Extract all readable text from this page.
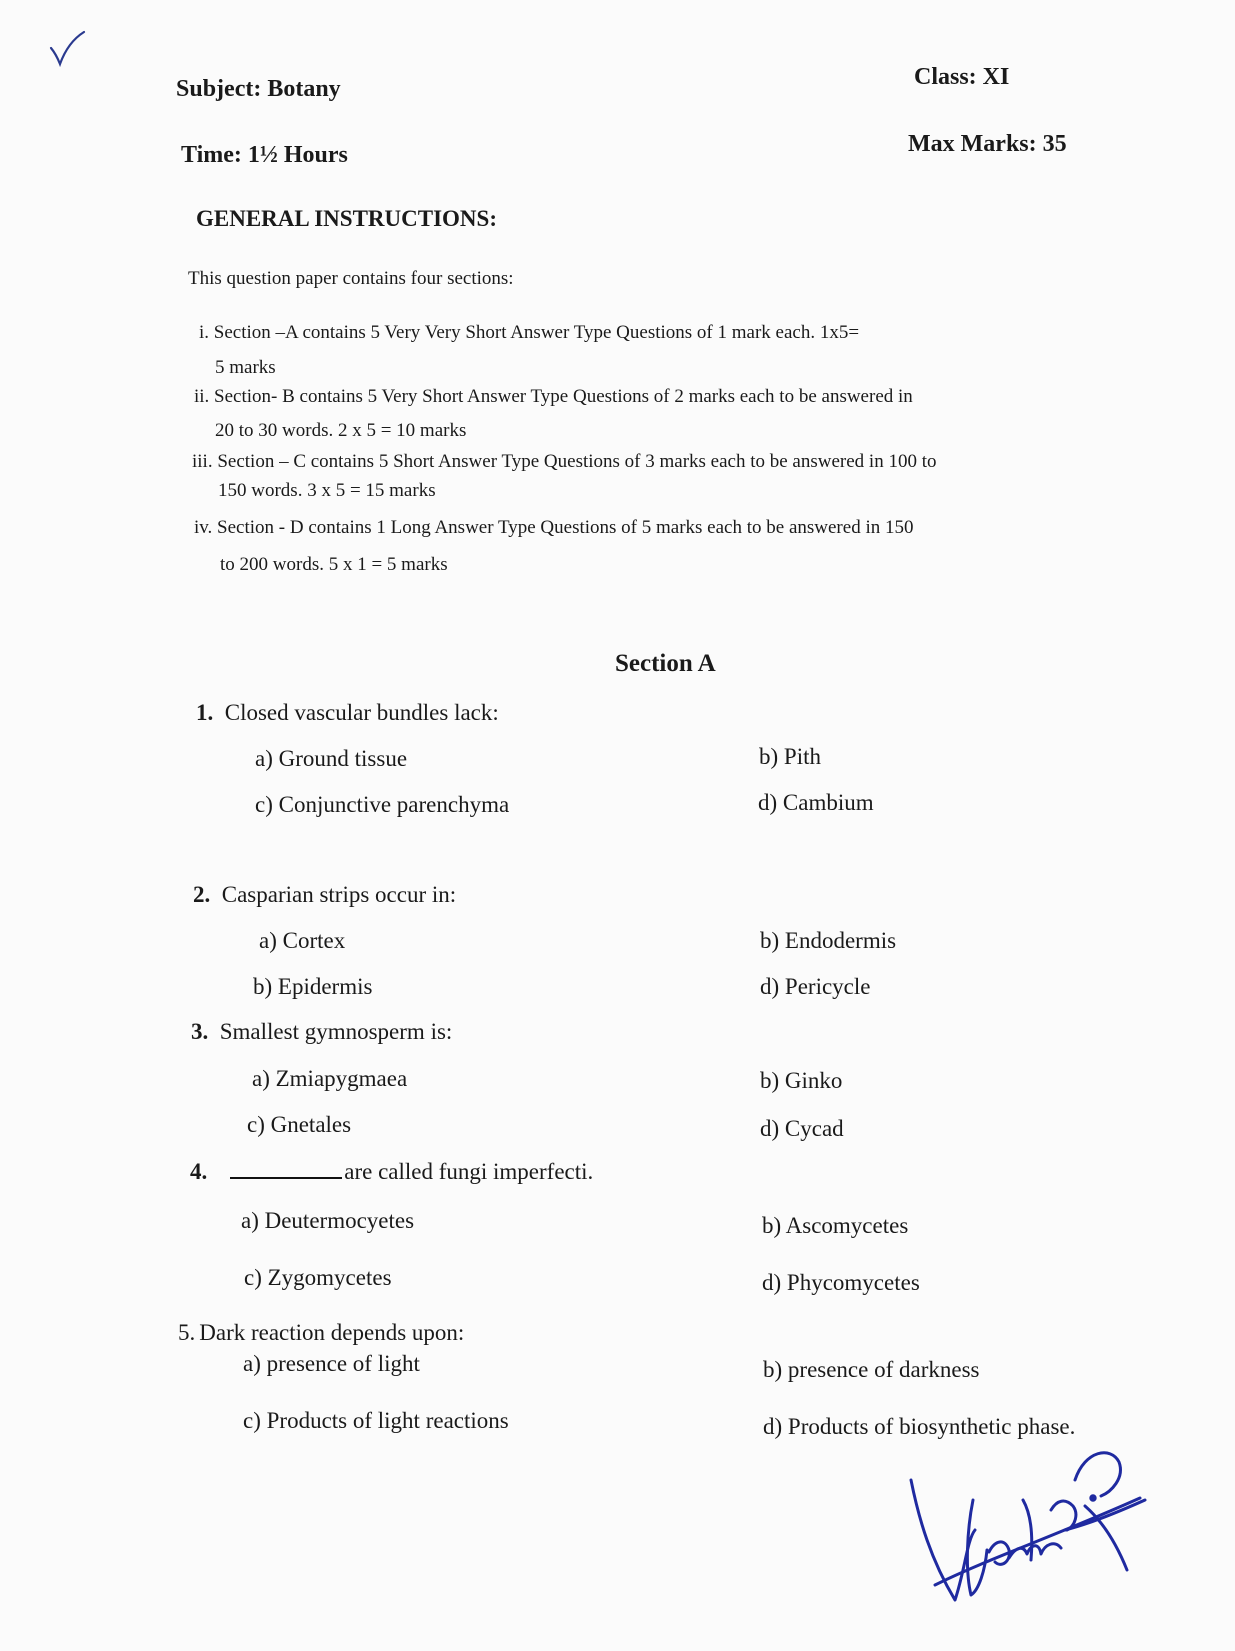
Subject: Botany	Class: XI
Time: 1½ Hours	Max Marks: 35
GENERAL INSTRUCTIONS:
This question paper contains four sections:
i. Section –A contains 5 Very Very Short Answer Type Questions of 1 mark each. 1x5=
5 marks
ii. Section- B contains 5 Very Short Answer Type Questions of 2 marks each to be answered in
20 to 30 words. 2 x 5 = 10 marks
iii. Section – C contains 5 Short Answer Type Questions of 3 marks each to be answered in 100 to
150 words. 3 x 5 = 15 marks
iv. Section - D contains 1 Long Answer Type Questions of 5 marks each to be answered in 150
to 200 words. 5 x 1 = 5 marks
Section A
1. Closed vascular bundles lack:
a) Ground tissue	b) Pith
c) Conjunctive parenchyma	d) Cambium
2. Casparian strips occur in:
a) Cortex	b) Endodermis
b) Epidermis	d) Pericycle
3. Smallest gymnosperm is:
a) Zmiapygmaea	b) Ginko
c) Gnetales	d) Cycad
4.	are called fungi imperfecti.
a) Deutermocyetes	b) Ascomycetes
c) Zygomycetes	d) Phycomycetes
5. Dark reaction depends upon:
a) presence of light	b) presence of darkness
c) Products of light reactions	d) Products of biosynthetic phase.
